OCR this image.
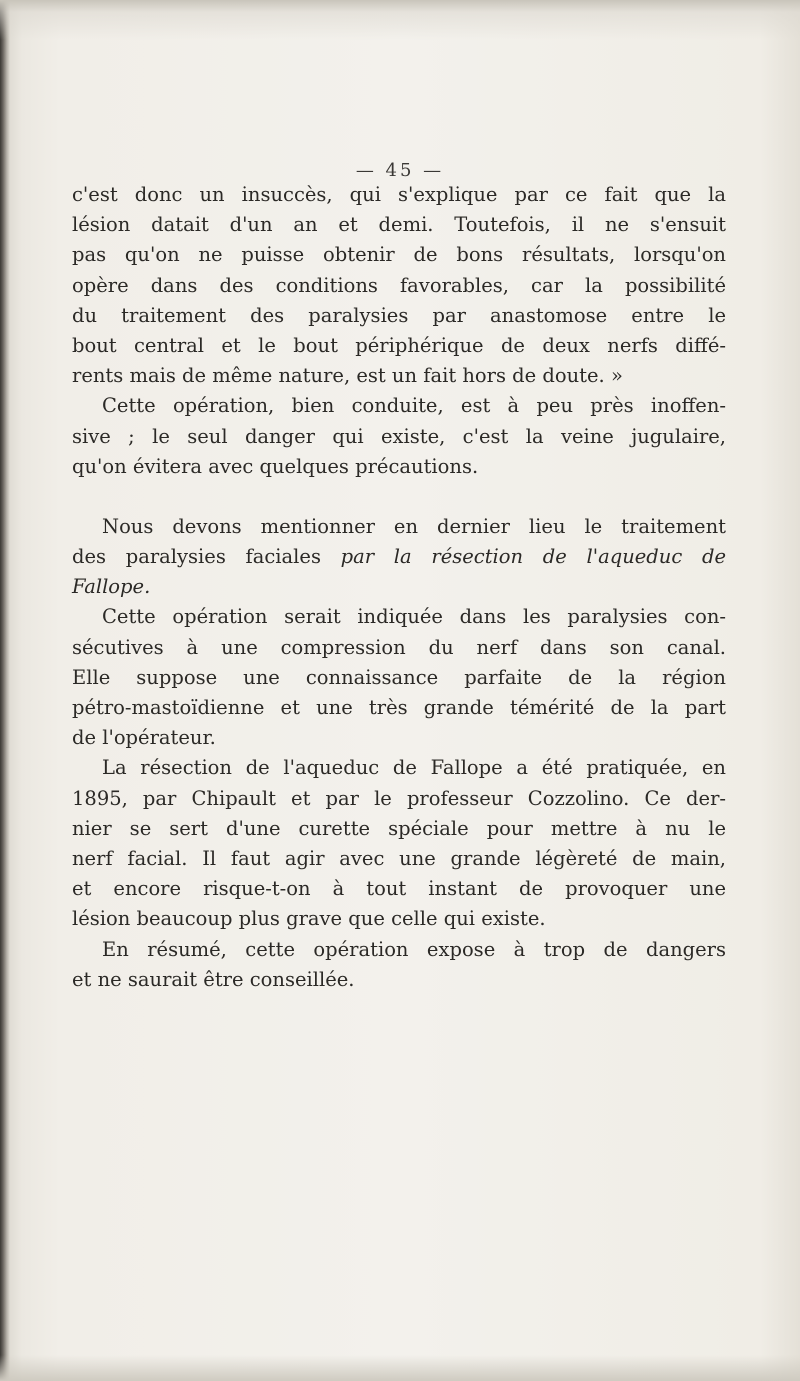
— 45 —
c'est donc un insuccès, qui s'explique par ce fait que la
lésion datait d'un an et demi. Toutefois, il ne s'ensuit
pas qu'on ne puisse obtenir de bons résultats, lorsqu'on
opère dans des conditions favorables, car la possibilité
du traitement des paralysies par anastomose entre le
bout central et le bout périphérique de deux nerfs diffé-
rents mais de même nature, est un fait hors de doute. »
Cette opération, bien conduite, est à peu près inoffen-
sive ; le seul danger qui existe, c'est la veine jugulaire,
qu'on évitera avec quelques précautions.
Nous devons mentionner en dernier lieu le traitement
des paralysies faciales par la résection de l'aqueduc de
Fallope.
Cette opération serait indiquée dans les paralysies con-
sécutives à une compression du nerf dans son canal.
Elle suppose une connaissance parfaite de la région
pétro-mastoïdienne et une très grande témérité de la part
de l'opérateur.
La résection de l'aqueduc de Fallope a été pratiquée, en
1895, par Chipault et par le professeur Cozzolino. Ce der-
nier se sert d'une curette spéciale pour mettre à nu le
nerf facial. Il faut agir avec une grande légèreté de main,
et encore risque-t-on à tout instant de provoquer une
lésion beaucoup plus grave que celle qui existe.
En résumé, cette opération expose à trop de dangers
et ne saurait être conseillée.
